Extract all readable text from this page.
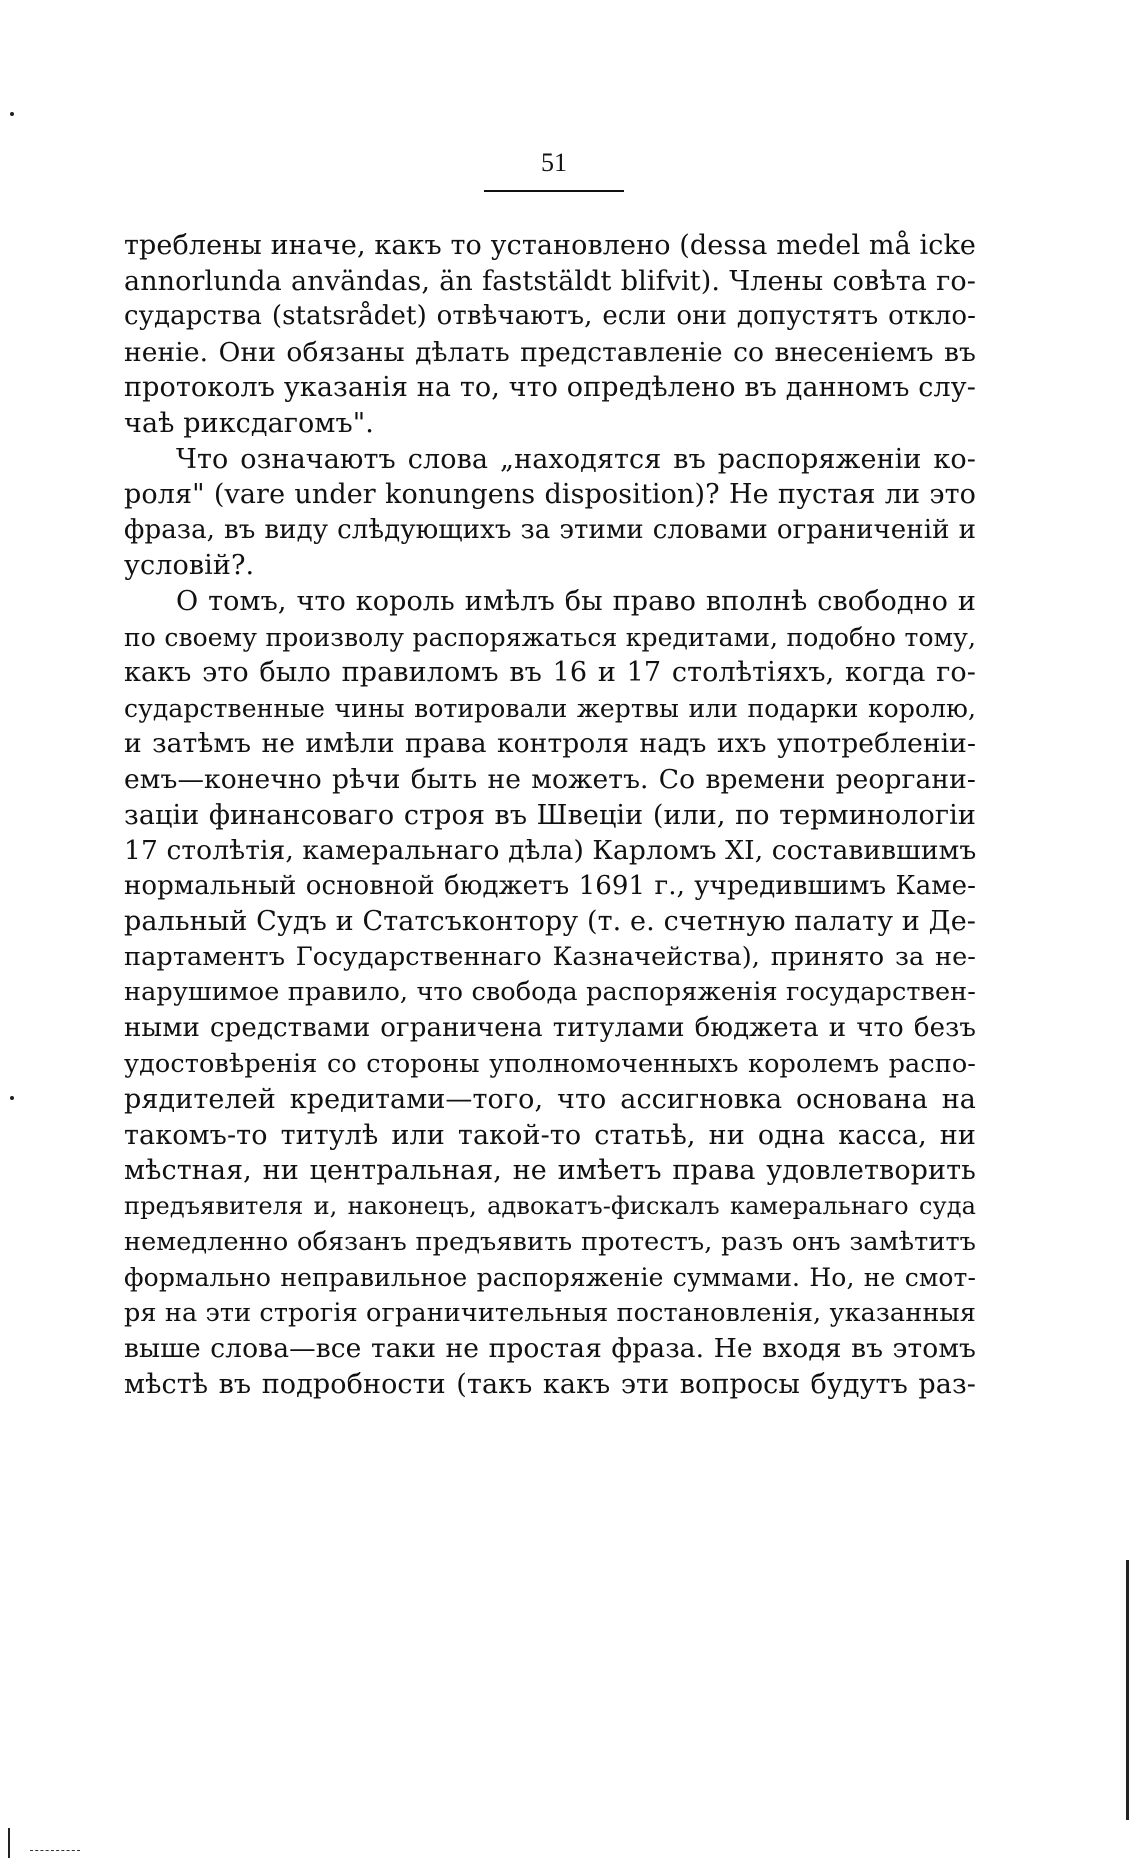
51
треблены иначе, какъ то установлено (dessa medel må icke
annorlunda användas, än faststäldt blifvit). Члены совѣта го-
сударства (statsrådet) отвѣчаютъ, если они допустятъ откло-
неніе. Они обязаны дѣлать представленіе со внесеніемъ въ
протоколъ указанія на то, что опредѣлено въ данномъ слу-
чаѣ риксдагомъ".
Что означаютъ слова „находятся въ распоряженіи ко-
роля" (vare under konungens disposition)? Не пустая ли это
фраза, въ виду слѣдующихъ за этими словами ограниченій и
условій?.
О томъ, что король имѣлъ бы право вполнѣ свободно и
по своему произволу распоряжаться кредитами, подобно тому,
какъ это было правиломъ въ 16 и 17 столѣтіяхъ, когда го-
сударственные чины вотировали жертвы или подарки королю,
и затѣмъ не имѣли права контроля надъ ихъ употребленіи-
емъ—конечно рѣчи быть не можетъ. Со времени реоргани-
заціи финансоваго строя въ Швеціи (или, по терминологіи
17 столѣтія, камеральнаго дѣла) Карломъ XI, составившимъ
нормальный основной бюджетъ 1691 г., учредившимъ Каме-
ральный Судъ и Статсъконтору (т. е. счетную палату и Де-
партаментъ Государственнаго Казначейства), принято за не-
нарушимое правило, что свобода распоряженія государствен-
ными средствами ограничена титулами бюджета и что безъ
удостовѣренія со стороны уполномоченныхъ королемъ распо-
рядителей кредитами—того, что ассигновка основана на
такомъ-то титулѣ или такой-то статьѣ, ни одна касса, ни
мѣстная, ни центральная, не имѣетъ права удовлетворить
предъявителя и, наконецъ, адвокатъ-фискалъ камеральнаго суда
немедленно обязанъ предъявить протестъ, разъ онъ замѣтитъ
формально неправильное распоряженіе суммами. Но, не смот-
ря на эти строгія ограничительныя постановленія, указанныя
выше слова—все таки не простая фраза. Не входя въ этомъ
мѣстѣ въ подробности (такъ какъ эти вопросы будутъ раз-
